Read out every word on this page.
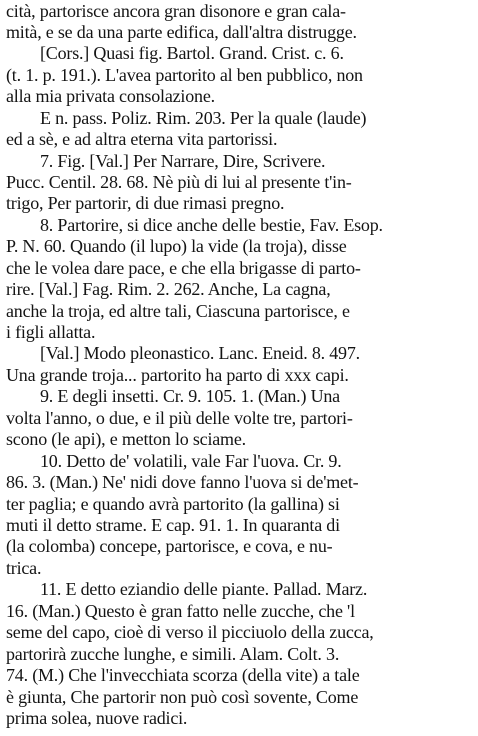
cità, partorisce ancora gran disonore e gran cala-
mità, e se da una parte edifica, dall'altra distrugge.
[Cors.] Quasi fig. Bartol. Grand. Crist. c. 6.
(t. 1. p. 191.). L'avea partorito al ben pubblico, non
alla mia privata consolazione.
E n. pass. Poliz. Rim. 203. Per la quale (laude)
ed a sè, e ad altra eterna vita partorissi.
7. Fig. [Val.] Per Narrare, Dire, Scrivere.
Pucc. Centil. 28. 68. Nè più di lui al presente t'in-
trigo, Per partorir, di due rimasi pregno.
8. Partorire, si dice anche delle bestie, Fav. Esop.
P. N. 60. Quando (il lupo) la vide (la troja), disse
che le volea dare pace, e che ella brigasse di parto-
rire. [Val.] Fag. Rim. 2. 262. Anche, La cagna,
anche la troja, ed altre tali, Ciascuna partorisce, e
i figli allatta.
[Val.] Modo pleonastico. Lanc. Eneid. 8. 497.
Una grande troja... partorito ha parto di xxx capi.
9. E degli insetti. Cr. 9. 105. 1. (Man.) Una
volta l'anno, o due, e il più delle volte tre, partori-
scono (le api), e metton lo sciame.
10. Detto de' volatili, vale Far l'uova. Cr. 9.
86. 3. (Man.) Ne' nidi dove fanno l'uova si de'met-
ter paglia; e quando avrà partorito (la gallina) si
muti il detto strame. E cap. 91. 1. In quaranta di
(la colomba) concepe, partorisce, e cova, e nu-
trica.
11. E detto eziandio delle piante. Pallad. Marz.
16. (Man.) Questo è gran fatto nelle zucche, che 'l
seme del capo, cioè di verso il picciuolo della zucca,
partorirà zucche lunghe, e simili. Alam. Colt. 3.
74. (M.) Che l'invecchiata scorza (della vite) a tale
è giunta, Che partorir non può così sovente, Come
prima solea, nuove radici.
